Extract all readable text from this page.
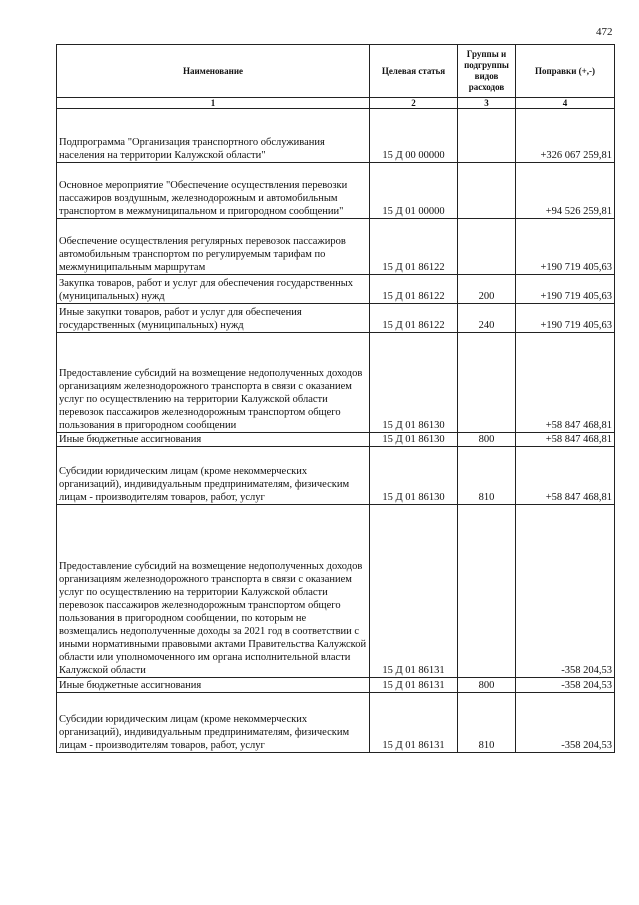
472
Наименование	Целевая статья	Группы и подгруппы видов расходов	Поправки (+,-)
1	2	3	4
Подпрограмма "Организация транспортного обслуживания населения на территории Калужской области"	15 Д 00 00000		+326 067 259,81
Основное мероприятие "Обеспечение осуществления перевозки пассажиров воздушным, железнодорожным и автомобильным транспортом в межмуниципальном и пригородном сообщении"	15 Д 01 00000		+94 526 259,81
Обеспечение осуществления регулярных перевозок пассажиров автомобильным транспортом по регулируемым тарифам по межмуниципальным маршрутам	15 Д 01 86122		+190 719 405,63
Закупка товаров, работ и услуг для обеспечения государственных (муниципальных) нужд	15 Д 01 86122	200	+190 719 405,63
Иные закупки товаров, работ и услуг для обеспечения государственных (муниципальных) нужд	15 Д 01 86122	240	+190 719 405,63
Предоставление субсидий на возмещение недополученных доходов организациям железнодорожного транспорта в связи с оказанием услуг по осуществлению на территории Калужской области перевозок пассажиров железнодорожным транспортом общего пользования в пригородном сообщении	15 Д 01 86130		+58 847 468,81
Иные бюджетные ассигнования	15 Д 01 86130	800	+58 847 468,81
Субсидии юридическим лицам (кроме некоммерческих организаций), индивидуальным предпринимателям, физическим лицам - производителям товаров, работ, услуг	15 Д 01 86130	810	+58 847 468,81
Предоставление субсидий на возмещение недополученных доходов организациям железнодорожного транспорта в связи с оказанием услуг по осуществлению на территории Калужской области перевозок пассажиров железнодорожным транспортом общего пользования в пригородном сообщении, по которым не возмещались недополученные доходы за 2021 год в соответствии с иными нормативными правовыми актами Правительства Калужской области или уполномоченного им органа исполнительной власти Калужской области	15 Д 01 86131		-358 204,53
Иные бюджетные ассигнования	15 Д 01 86131	800	-358 204,53
Субсидии юридическим лицам (кроме некоммерческих организаций), индивидуальным предпринимателям, физическим лицам - производителям товаров, работ, услуг	15 Д 01 86131	810	-358 204,53
